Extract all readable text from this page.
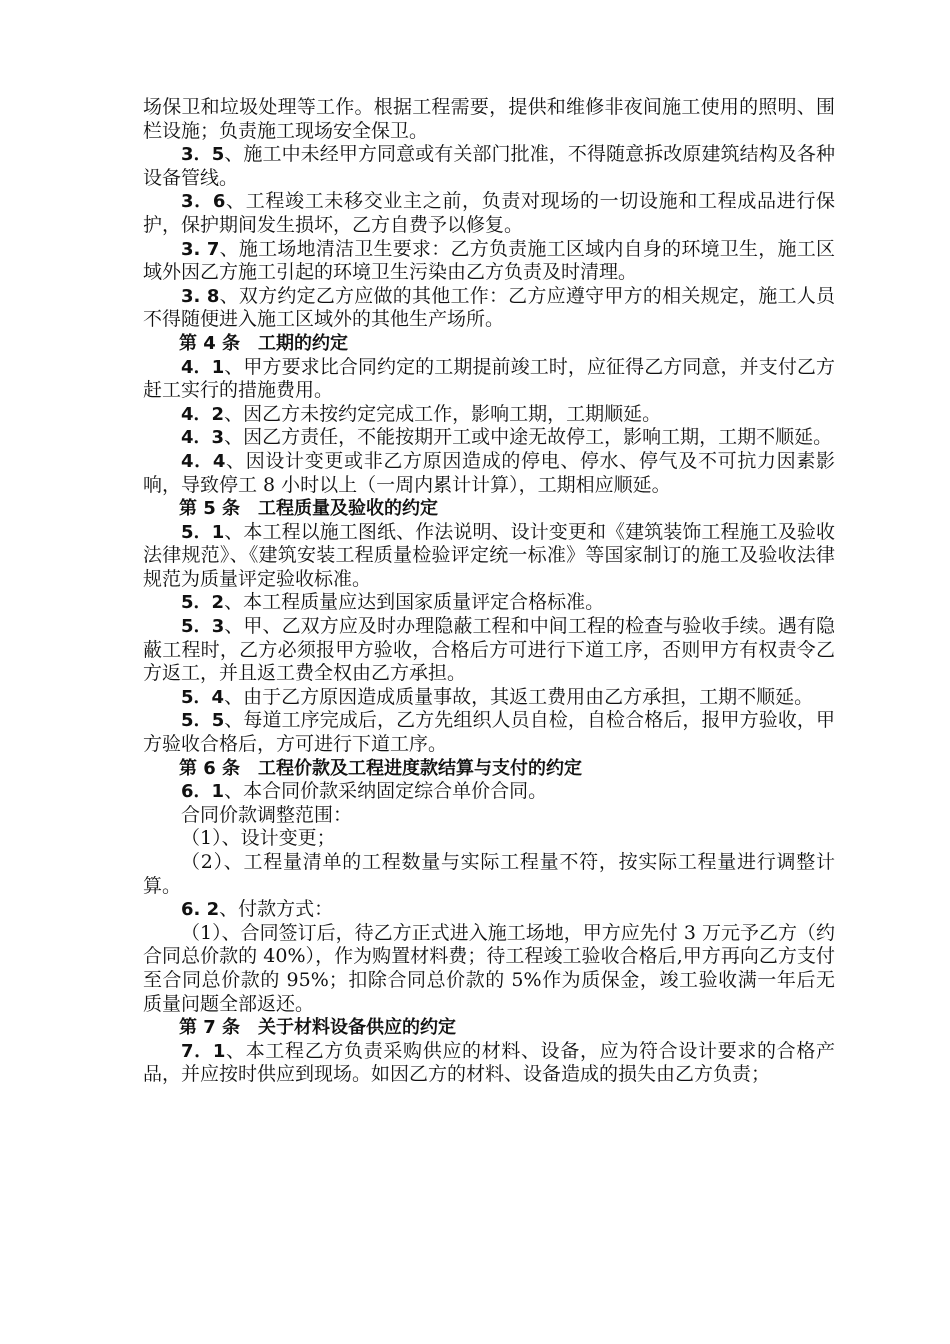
场保卫和垃圾处理等工作。根据工程需要，提供和维修非夜间施工使用的照明、围栏设施；负责施工现场安全保卫。

3．5、施工中未经甲方同意或有关部门批准，不得随意拆改原建筑结构及各种设备管线。

3．6、工程竣工未移交业主之前，负责对现场的一切设施和工程成品进行保护，保护期间发生损坏，乙方自费予以修复。

3. 7、施工场地清洁卫生要求：乙方负责施工区域内自身的环境卫生，施工区域外因乙方施工引起的环境卫生污染由乙方负责及时清理。

3. 8、双方约定乙方应做的其他工作：乙方应遵守甲方的相关规定，施工人员不得随便进入施工区域外的其他生产场所。

第 4 条　工期的约定

4．1、甲方要求比合同约定的工期提前竣工时，应征得乙方同意，并支付乙方赶工实行的措施费用。

4．2、因乙方未按约定完成工作，影响工期，工期顺延。

4．3、因乙方责任，不能按期开工或中途无故停工，影响工期，工期不顺延。

4．4、因设计变更或非乙方原因造成的停电、停水、停气及不可抗力因素影响，导致停工 8 小时以上（一周内累计计算），工期相应顺延。

第 5 条　工程质量及验收的约定

5．1、本工程以施工图纸、作法说明、设计变更和《建筑装饰工程施工及验收法律规范》、《建筑安装工程质量检验评定统一标准》等国家制订的施工及验收法律规范为质量评定验收标准。

5．2、本工程质量应达到国家质量评定合格标准。

5．3、甲、乙双方应及时办理隐蔽工程和中间工程的检查与验收手续。遇有隐蔽工程时，乙方必须报甲方验收，合格后方可进行下道工序，否则甲方有权责令乙方返工，并且返工费全权由乙方承担。

5．4、由于乙方原因造成质量事故，其返工费用由乙方承担，工期不顺延。

5．5、每道工序完成后，乙方先组织人员自检，自检合格后，报甲方验收，甲方验收合格后，方可进行下道工序。

第 6 条　工程价款及工程进度款结算与支付的约定

6．1、本合同价款采纳固定综合单价合同。

合同价款调整范围：

（1）、设计变更；

（2）、工程量清单的工程数量与实际工程量不符，按实际工程量进行调整计算。

6. 2、付款方式：

（1）、合同签订后，待乙方正式进入施工场地，甲方应先付 3 万元予乙方（约合同总价款的 40%），作为购置材料费；待工程竣工验收合格后,甲方再向乙方支付至合同总价款的 95%；扣除合同总价款的 5%作为质保金，竣工验收满一年后无质量问题全部返还。

第 7 条　关于材料设备供应的约定

7．1、本工程乙方负责采购供应的材料、设备，应为符合设计要求的合格产品，并应按时供应到现场。如因乙方的材料、设备造成的损失由乙方负责；
